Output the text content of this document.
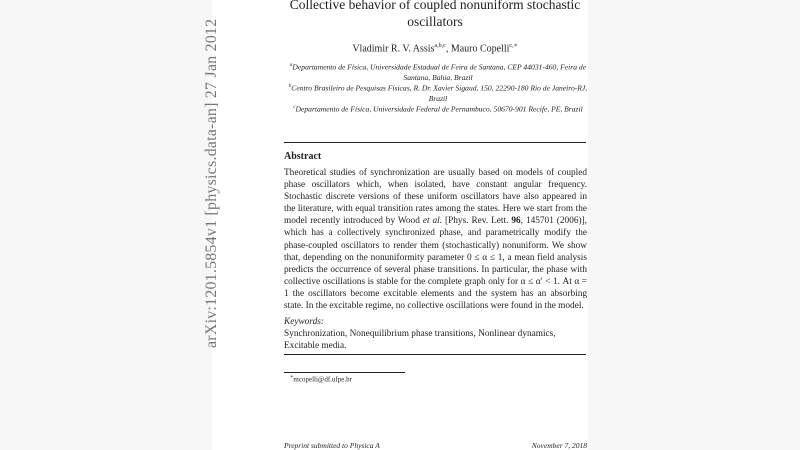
arXiv:1201.5854v1 [physics.data-an] 27 Jan 2012
Collective behavior of coupled nonuniform stochastic oscillators
Vladimir R. V. Assis$^{a,b,c}$, Mauro Copelli$^{c,∗}$
$^a$Departamento de Física, Universidade Estadual de Feira de Santana, CEP 44031-460, Feira de Santana, Bahia, Brazil
$^b$Centro Brasileiro de Pesquisas Físicas, R. Dr. Xavier Sigaud, 150, 22290-180 Rio de Janeiro-RJ, Brazil
$^c$Departamento de Física, Universidade Federal de Pernambuco, 50670-901 Recife, PE, Brazil
Abstract
Theoretical studies of synchronization are usually based on models of coupled phase oscillators which, when isolated, have constant angular frequency. Stochastic discrete versions of these uniform oscillators have also appeared in the literature, with equal transition rates among the states. Here we start from the model recently introduced by Wood et al. [Phys. Rev. Lett. 96, 145701 (2006)], which has a collectively synchronized phase, and parametrically modify the phase-coupled oscillators to render them (stochastically) nonuniform. We show that, depending on the nonuniformity parameter 0 ≤ α ≤ 1, a mean field analysis predicts the occurrence of several phase transitions. In particular, the phase with collective oscillations is stable for the complete graph only for α ≤ α′ < 1. At α = 1 the oscillators become excitable elements and the system has an absorbing state. In the excitable regime, no collective oscillations were found in the model.
Keywords:
Synchronization, Nonequilibrium phase transitions, Nonlinear dynamics, Excitable media.
∗mcopelli@df.ufpe.br
Preprint submitted to Physica A	November 7, 2018
